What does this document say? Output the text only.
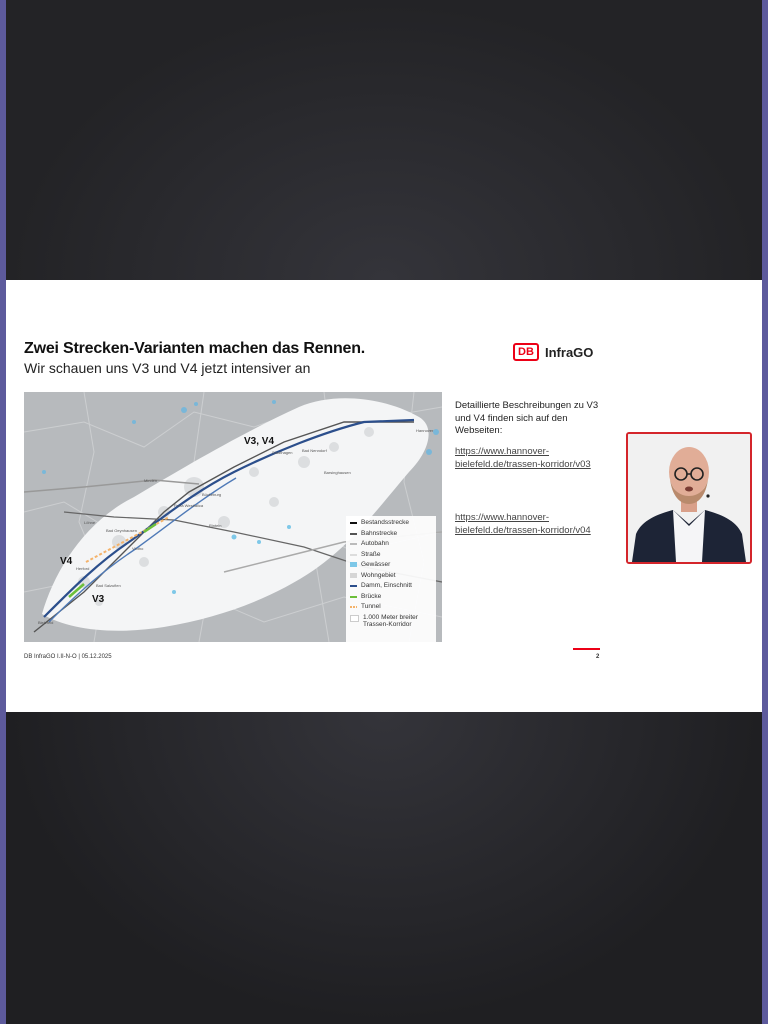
Zwei Strecken-Varianten machen das Rennen.
Wir schauen uns V3 und V4 jetzt intensiver an
DB InfraGO
Minden
Porta Westfalica
Bückeburg
Löhne
Bad Oeynhausen
Vlotho
Stadthagen Bad Nenndorf
Barsinghausen
Rinteln
Herford
Bad Salzuflen
Bielefeld
Hannover
V3, V4
V4
V3
Bestandsstrecke
Bahnstrecke
Autobahn
Straße
Gewässer
Wohngebiet
Damm, Einschnitt
Brücke
Tunnel
1.000 Meter breiter Trassen-Korridor
Detaillierte Beschreibungen zu V3 und V4 finden sich auf den Webseiten:
https://www.hannover-bielefeld.de/trassen-korridor/v03
https://www.hannover-bielefeld.de/trassen-korridor/v04
DB InfraGO I.II-N-O | 05.12.2025	2
